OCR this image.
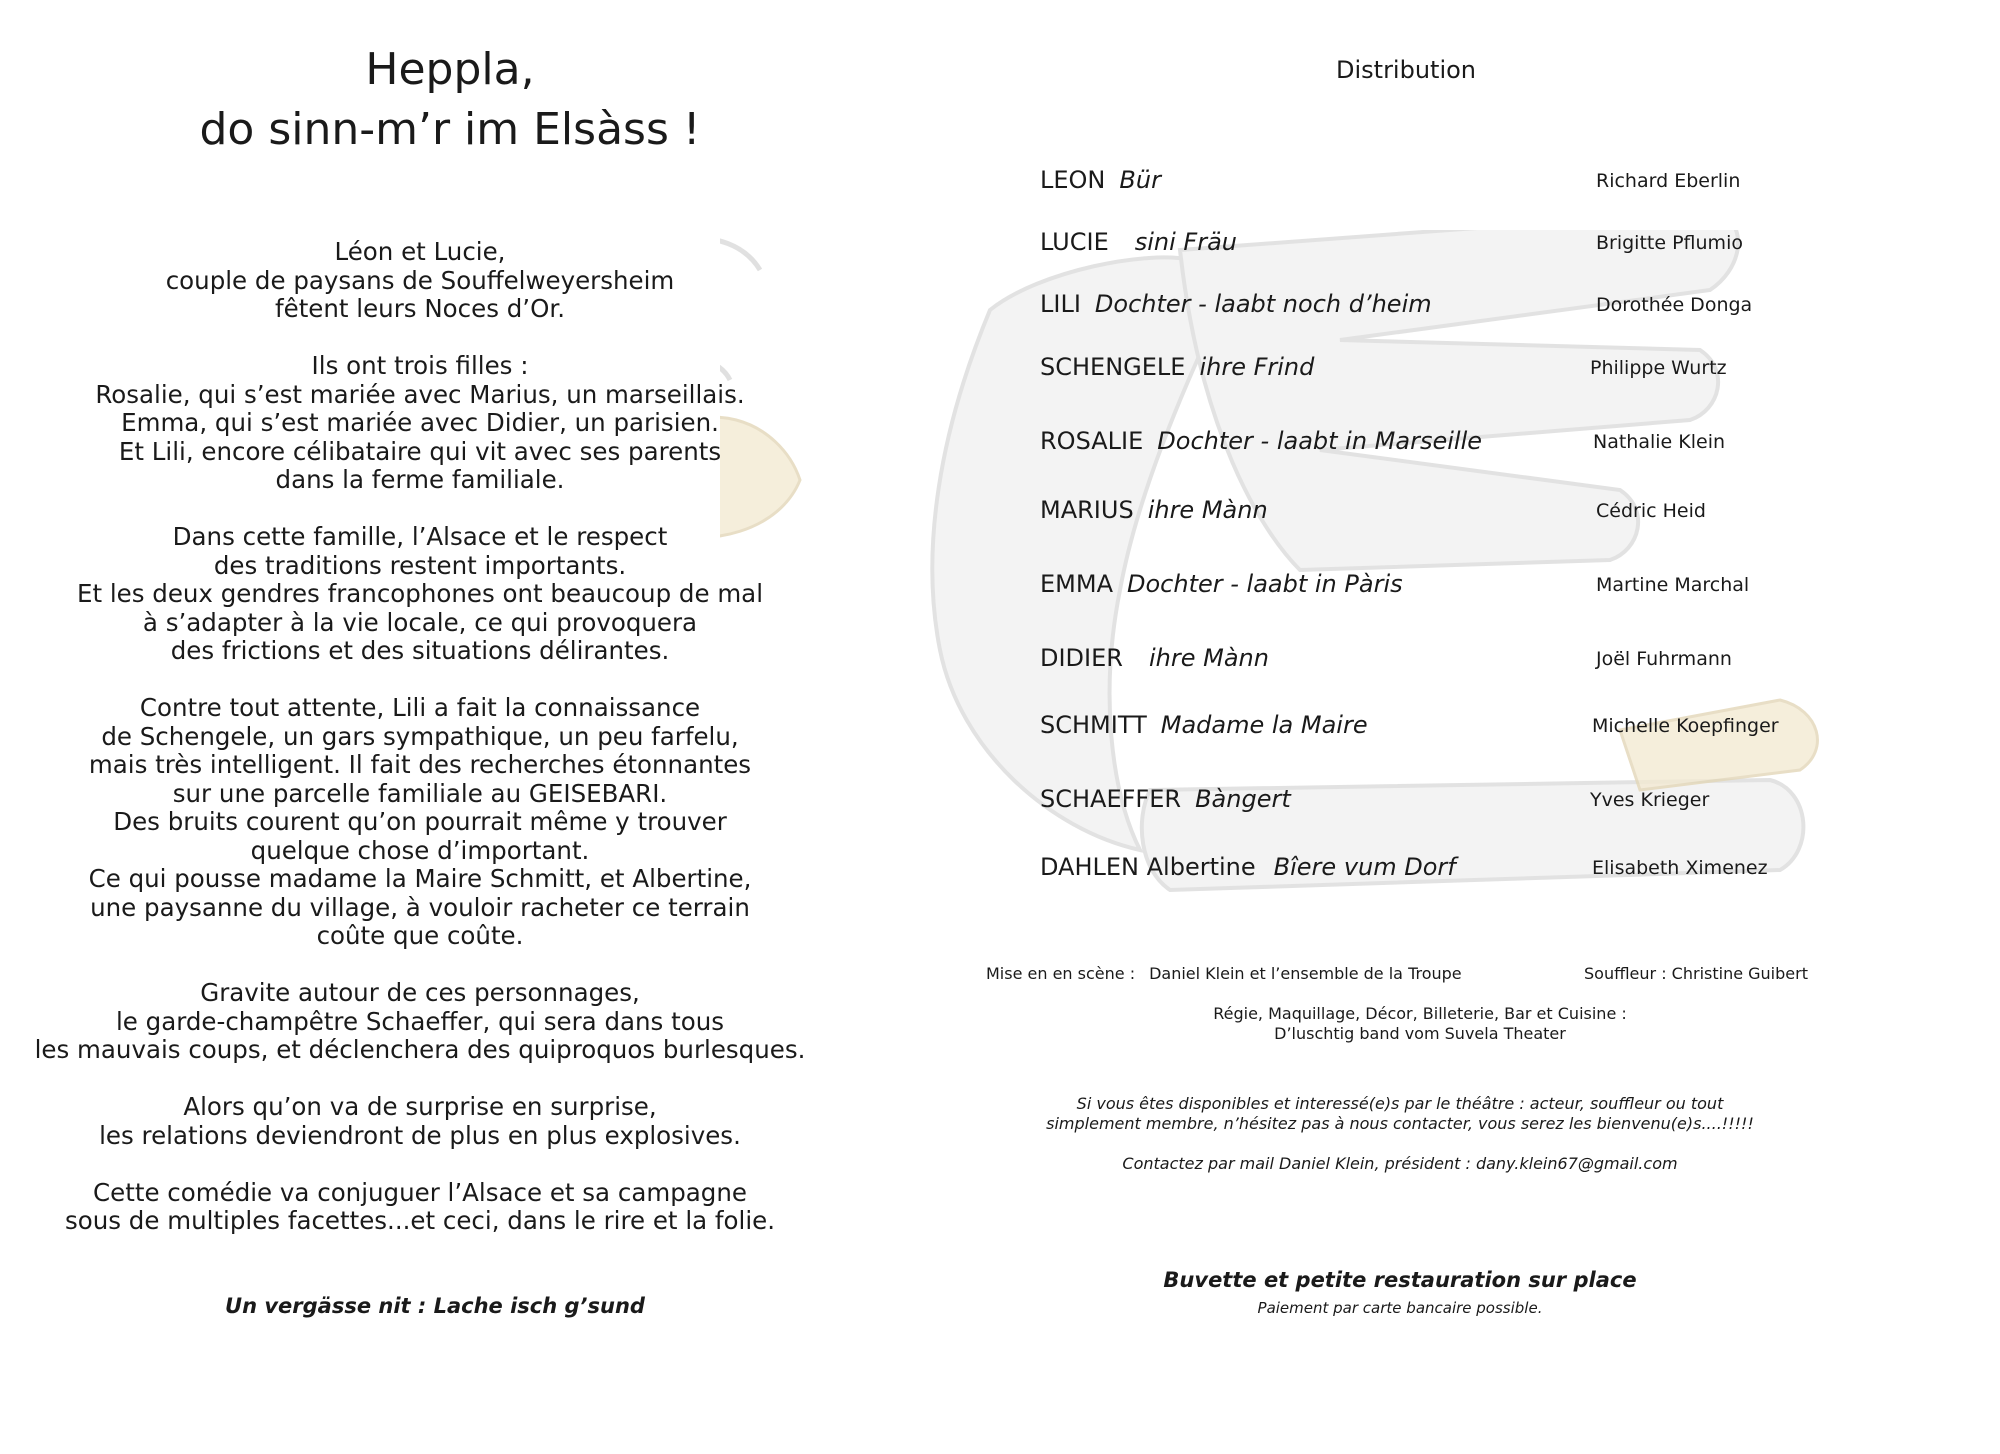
Heppla,
do sinn-m’r im Elsàss !

Léon et Lucie,
couple de paysans de Souffelweyersheim
fêtent leurs Noces d’Or.

Ils ont trois filles :
Rosalie, qui s’est mariée avec Marius, un marseillais.
Emma, qui s’est mariée avec Didier, un parisien.
Et Lili, encore célibataire qui vit avec ses parents
dans la ferme familiale.

Dans cette famille, l’Alsace et le respect
des traditions restent importants.
Et les deux gendres francophones ont beaucoup de mal
à s’adapter à la vie locale, ce qui provoquera
des frictions et des situations délirantes.

Contre tout attente, Lili a fait la connaissance
de Schengele, un gars sympathique, un peu farfelu,
mais très intelligent. Il fait des recherches étonnantes
sur une parcelle familiale au GEISEBARI.
Des bruits courent qu’on pourrait même y trouver
quelque chose d’important.
Ce qui pousse madame la Maire Schmitt, et Albertine,
une paysanne du village, à vouloir racheter ce terrain
coûte que coûte.

Gravite autour de ces personnages,
le garde-champêtre Schaeffer, qui sera dans tous
les mauvais coups, et déclenchera des quiproquos burlesques.

Alors qu’on va de surprise en surprise,
les relations deviendront de plus en plus explosives.

Cette comédie va conjuguer l’Alsace et sa campagne
sous de multiples facettes...et ceci, dans le rire et la folie.

Un vergässe nit : Lache isch g’sund
Distribution
LEON Bür	Richard Eberlin
LUCIE sini Fräu	Brigitte Pflumio
LILI Dochter - laabt noch d’heim	Dorothée Donga
SCHENGELE ihre Frind	Philippe Wurtz
ROSALIE Dochter - laabt in Marseille	Nathalie Klein
MARIUS ihre Mànn	Cédric Heid
EMMA Dochter - laabt in Pàris	Martine Marchal
DIDIER ihre Mànn	Joël Fuhrmann
SCHMITT Madame la Maire	Michelle Koepfinger
SCHAEFFER Bàngert	Yves Krieger
DAHLEN Albertine Bîere vum Dorf	Elisabeth Ximenez
Mise en en scène : Daniel Klein et l’ensemble de la Troupe	Souffleur : Christine Guibert
Régie, Maquillage, Décor, Billeterie, Bar et Cuisine :
D’luschtig band vom Suvela Theater
Si vous êtes disponibles et interessé(e)s par le théâtre : acteur, souffleur ou tout
simplement membre, n’hésitez pas à nous contacter, vous serez les bienvenu(e)s....!!!!!
Contactez par mail Daniel Klein, président : dany.klein67@gmail.com
Buvette et petite restauration sur place
Paiement par carte bancaire possible.
